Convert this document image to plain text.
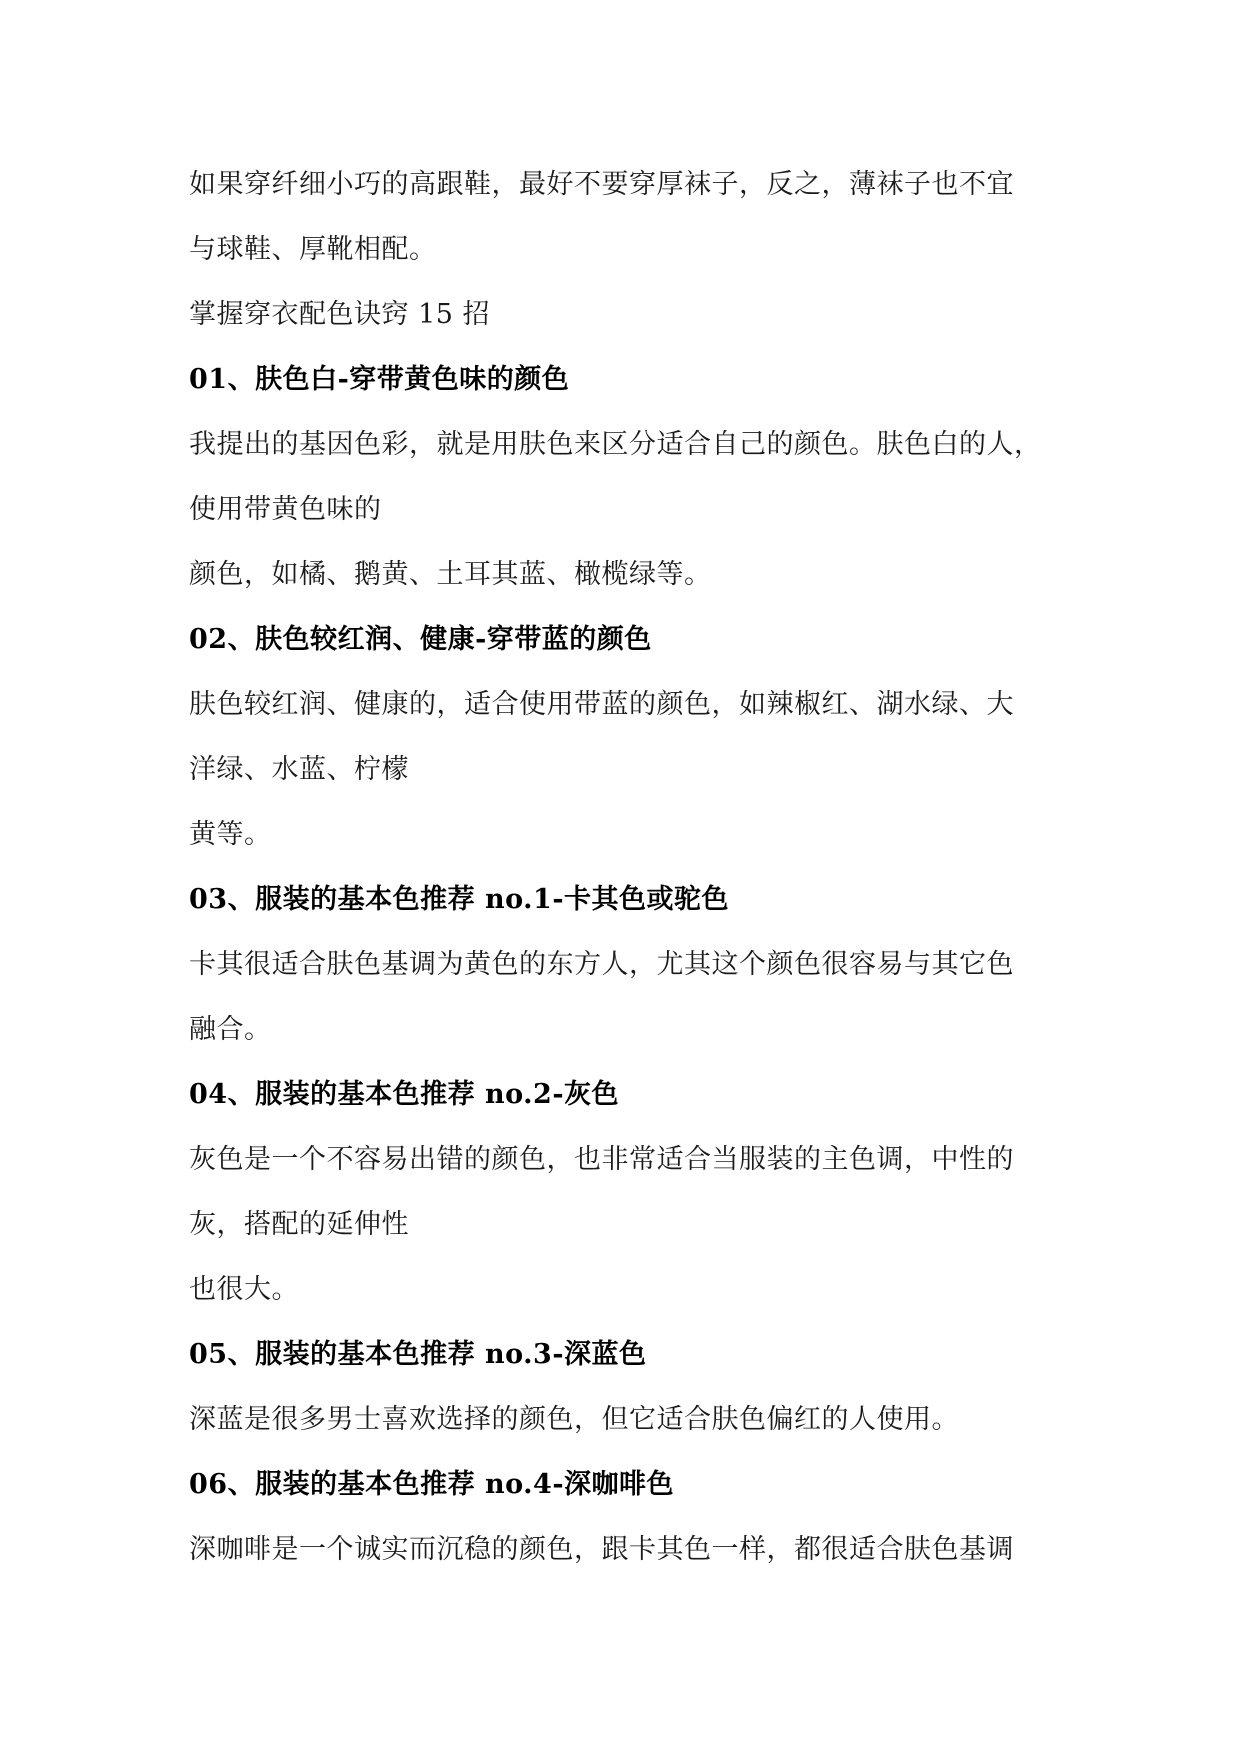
如果穿纤细小巧的高跟鞋，最好不要穿厚袜子，反之，薄袜子也不宜
与球鞋、厚靴相配。
掌握穿衣配色诀窍 15 招
01、肤色白-穿带黄色味的颜色
我提出的基因色彩，就是用肤色来区分适合自己的颜色。肤色白的人，
使用带黄色味的
颜色，如橘、鹅黄、土耳其蓝、橄榄绿等。
02、肤色较红润、健康-穿带蓝的颜色
肤色较红润、健康的，适合使用带蓝的颜色，如辣椒红、湖水绿、大
洋绿、水蓝、柠檬
黄等。
03、服装的基本色推荐 no.1-卡其色或驼色
卡其很适合肤色基调为黄色的东方人，尤其这个颜色很容易与其它色
融合。
04、服装的基本色推荐 no.2-灰色
灰色是一个不容易出错的颜色，也非常适合当服装的主色调，中性的
灰，搭配的延伸性
也很大。
05、服装的基本色推荐 no.3-深蓝色
深蓝是很多男士喜欢选择的颜色，但它适合肤色偏红的人使用。
06、服装的基本色推荐 no.4-深咖啡色
深咖啡是一个诚实而沉稳的颜色，跟卡其色一样，都很适合肤色基调
